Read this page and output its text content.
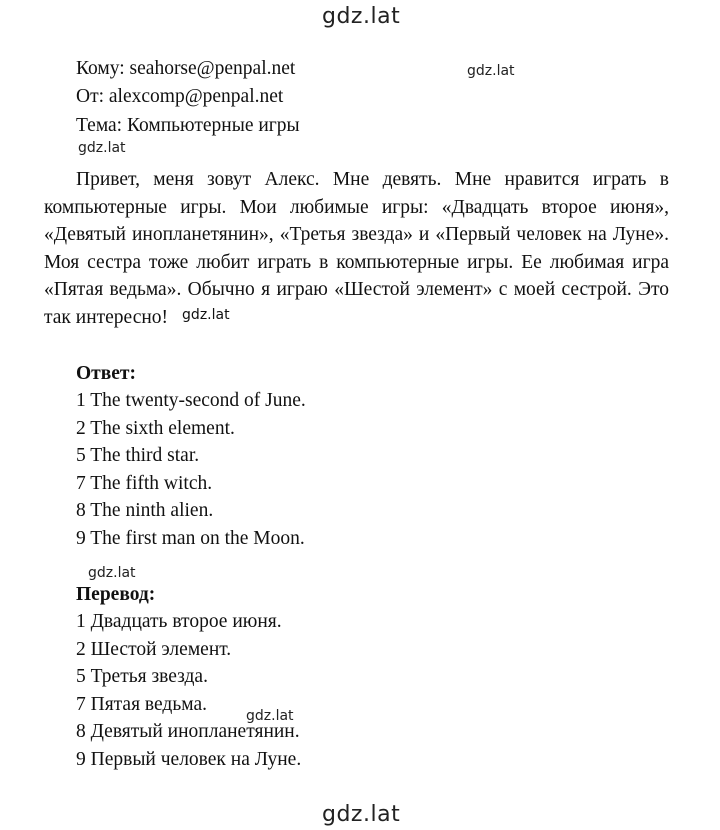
gdz.lat
gdz.lat
gdz.lat
gdz.lat
gdz.lat
gdz.lat
Кому: seahorse@penpal.net
От: alexcomp@penpal.net
Тема: Компьютерные игры

Привет, меня зовут Алекс. Мне девять. Мне нравится играть в компьютерные игры. Мои любимые игры: «Двадцать второе июня», «Девятый инопланетянин», «Третья звезда» и «Первый человек на Луне». Моя сестра тоже любит играть в компьютерные игры. Ее любимая игра «Пятая ведьма». Обычно я играю «Шестой элемент» с моей сестрой. Это так интересно! $^{gdz.lat}$

Ответ:
1 The twenty-second of June.
2 The sixth element.
5 The third star.
7 The fifth witch.
8 The ninth alien.
9 The first man on the Moon.
Перевод:
1 Двадцать второе июня.
2 Шестой элемент.
5 Третья звезда.
7 Пятая ведьма.
8 Девятый инопланетянин.
9 Первый человек на Луне.
